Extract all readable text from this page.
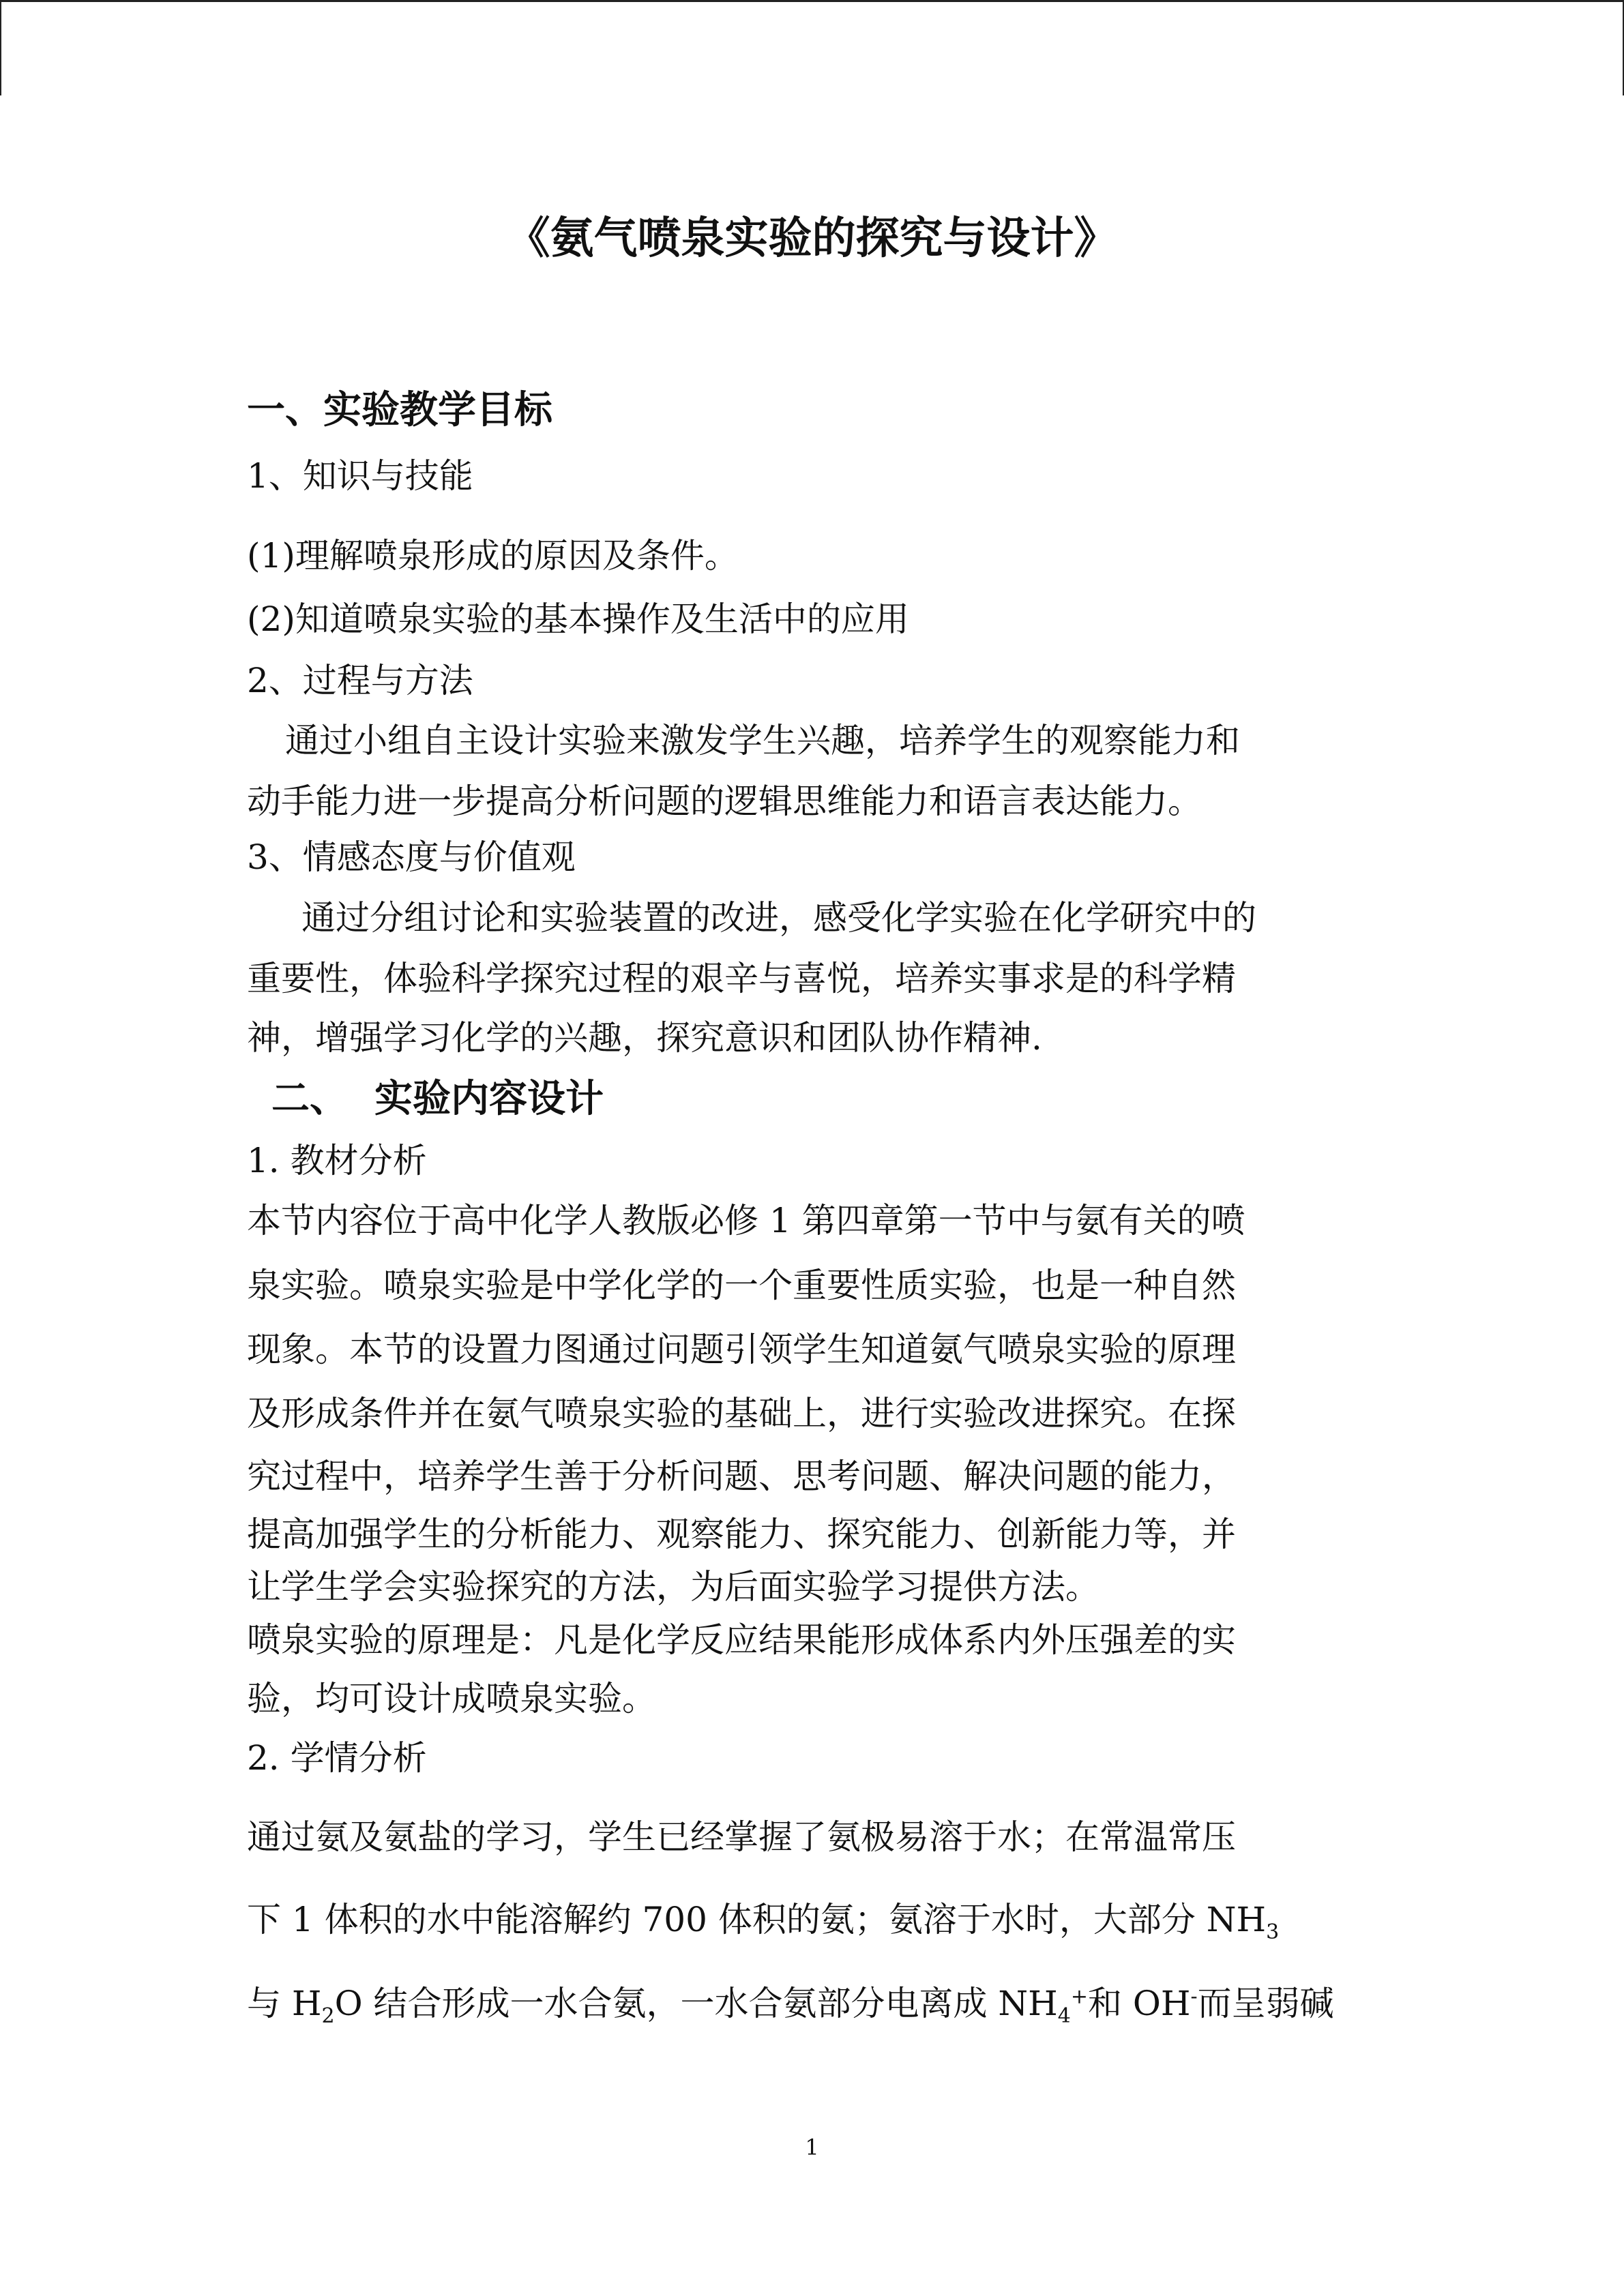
《氨气喷泉实验的探究与设计》
一、实验教学目标
1、知识与技能
(1)理解喷泉形成的原因及条件。
(2)知道喷泉实验的基本操作及生活中的应用
2、过程与方法
通过小组自主设计实验来激发学生兴趣，培养学生的观察能力和
动手能力进一步提高分析问题的逻辑思维能力和语言表达能力。
3、情感态度与价值观
通过分组讨论和实验装置的改进，感受化学实验在化学研究中的
重要性，体验科学探究过程的艰辛与喜悦，培养实事求是的科学精
神，增强学习化学的兴趣，探究意识和团队协作精神.
二、  实验内容设计
1. 教材分析
本节内容位于高中化学人教版必修 1 第四章第一节中与氨有关的喷
泉实验。喷泉实验是中学化学的一个重要性质实验，也是一种自然
现象。本节的设置力图通过问题引领学生知道氨气喷泉实验的原理
及形成条件并在氨气喷泉实验的基础上，进行实验改进探究。在探
究过程中，培养学生善于分析问题、思考问题、解决问题的能力，
提高加强学生的分析能力、观察能力、探究能力、创新能力等，并
让学生学会实验探究的方法，为后面实验学习提供方法。
喷泉实验的原理是：凡是化学反应结果能形成体系内外压强差的实
验，均可设计成喷泉实验。
2. 学情分析
通过氨及氨盐的学习，学生已经掌握了氨极易溶于水；在常温常压
下 1 体积的水中能溶解约 700 体积的氨；氨溶于水时，大部分 $NH_3$
与 $H_2O$ 结合形成一水合氨，一水合氨部分电离成 $NH_4^+$和 OH-而呈弱碱
1
